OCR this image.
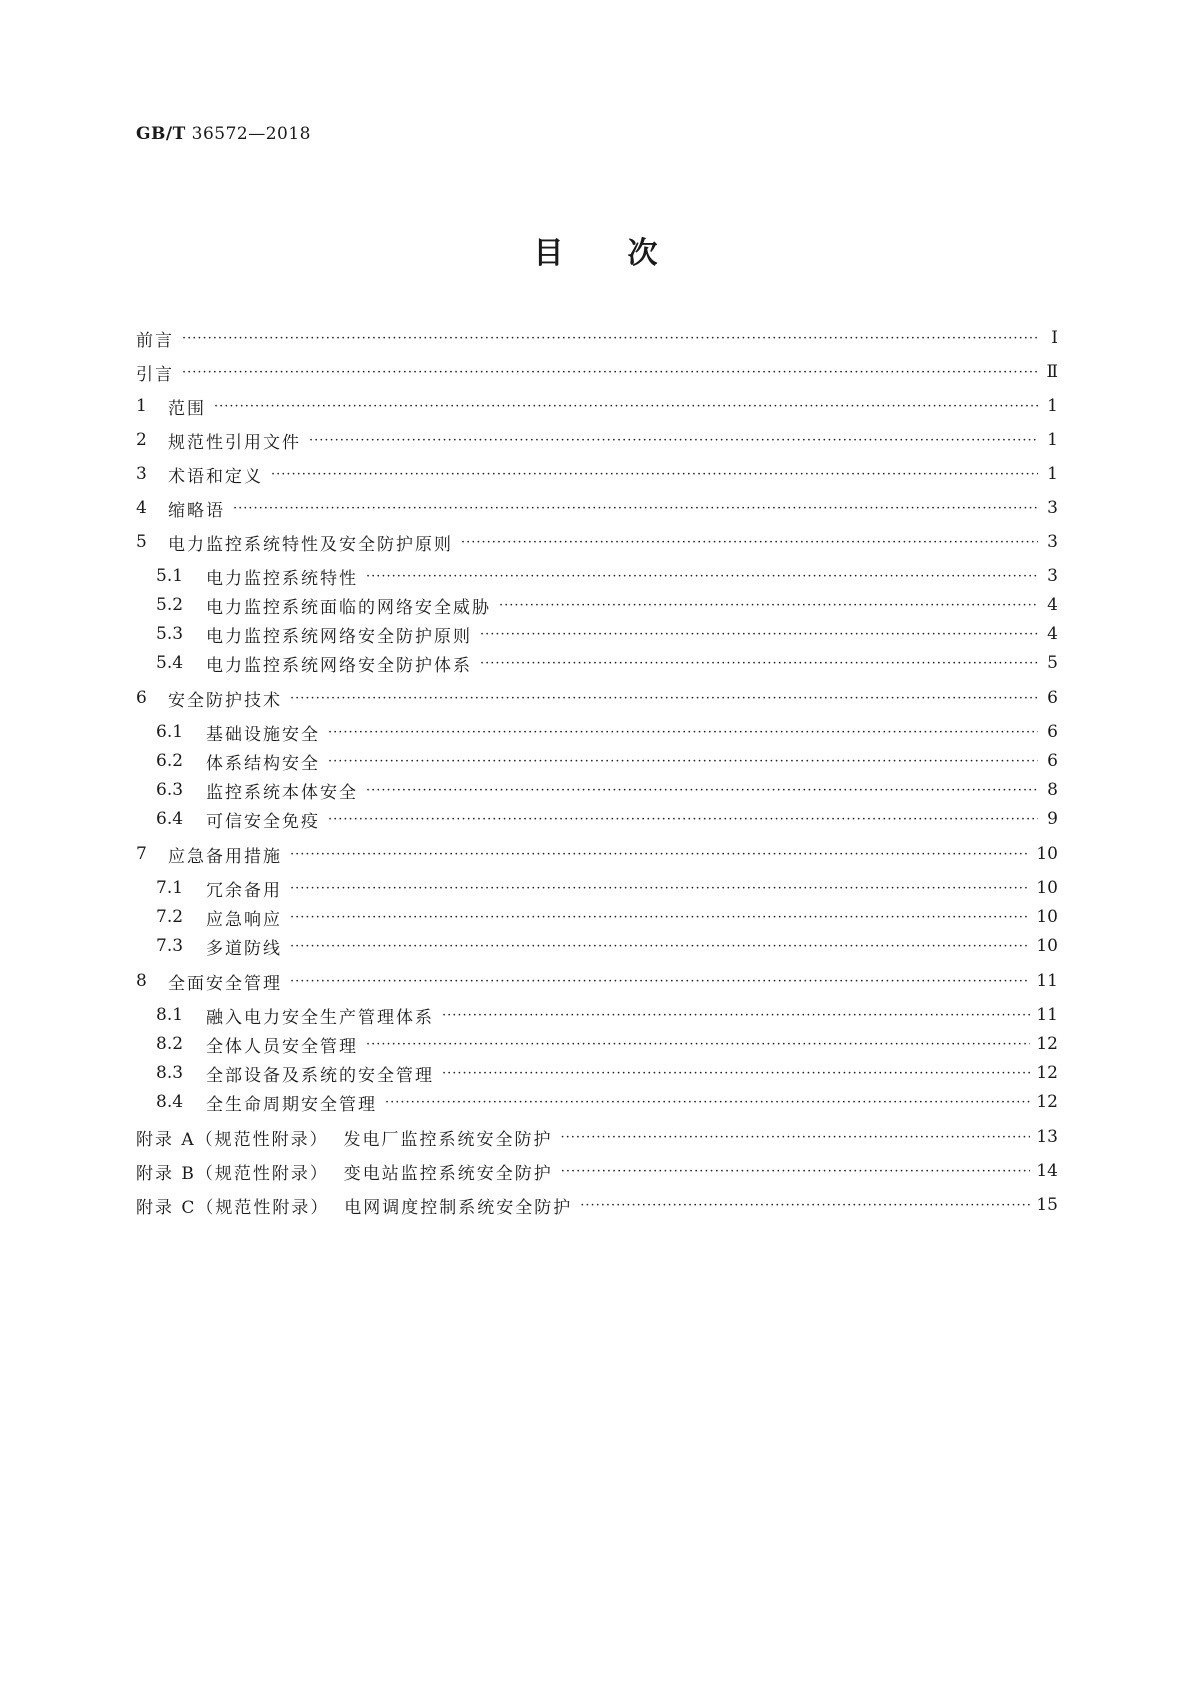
GB/T 36572—2018
目 次
前言 ·····	Ⅰ
引言 ·····	Ⅱ
1	范围 ·····	1
2	规范性引用文件 ·····	1
3	术语和定义 ·····	1
4	缩略语 ·····	3
5	电力监控系统特性及安全防护原则 ·····	3
5.1	电力监控系统特性 ·····	3
5.2	电力监控系统面临的网络安全威胁 ·····	4
5.3	电力监控系统网络安全防护原则 ·····	4
5.4	电力监控系统网络安全防护体系 ·····	5
6	安全防护技术 ·····	6
6.1	基础设施安全 ·····	6
6.2	体系结构安全 ·····	6
6.3	监控系统本体安全 ·····	8
6.4	可信安全免疫 ·····	9
7	应急备用措施 ·····	10
7.1	冗余备用 ·····	10
7.2	应急响应 ·····	10
7.3	多道防线 ·····	10
8	全面安全管理 ·····	11
8.1	融入电力安全生产管理体系 ·····	11
8.2	全体人员安全管理 ·····	12
8.3	全部设备及系统的安全管理 ·····	12
8.4	全生命周期安全管理 ·····	12
附录 A（规范性附录）  发电厂监控系统安全防护 ·····	13
附录 B（规范性附录）  变电站监控系统安全防护 ·····	14
附录 C（规范性附录）  电网调度控制系统安全防护 ·····	15
